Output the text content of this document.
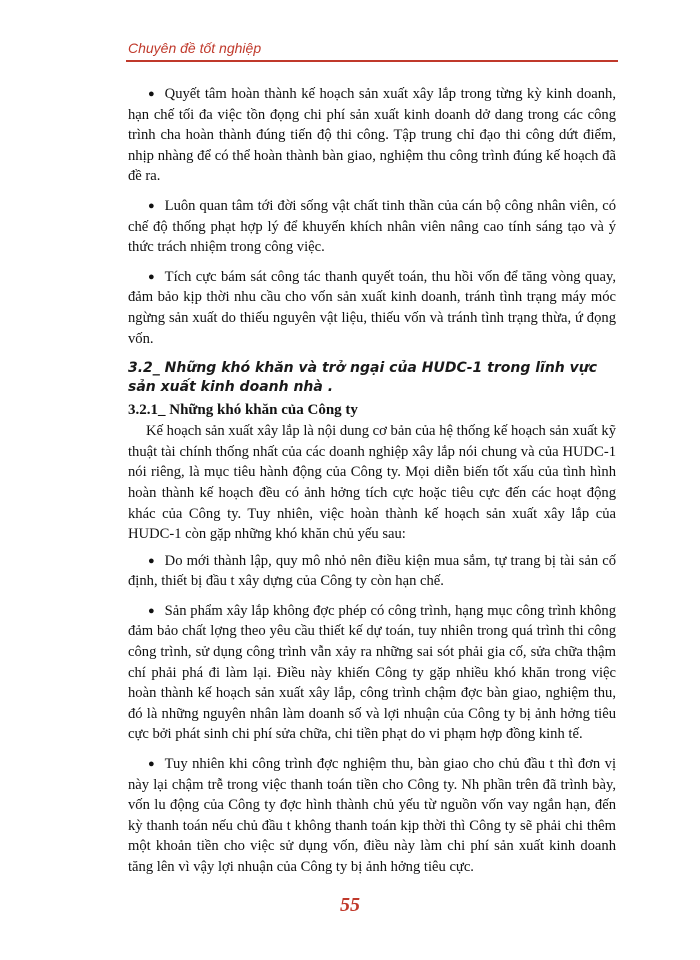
Chuyên đề tốt nghiệp

● Quyết tâm hoàn thành kế hoạch sản xuất xây lắp trong từng kỳ kinh doanh, hạn chế tối đa việc tồn đọng chi phí sản xuất kinh doanh dở dang trong các công trình cha hoàn thành đúng tiến độ thi công. Tập trung chỉ đạo thi công dứt điểm, nhịp nhàng để có thể hoàn thành bàn giao, nghiệm thu công trình đúng kế hoạch đã đề ra.

● Luôn quan tâm tới đời sống vật chất tinh thần của cán bộ công nhân viên, có chế độ thống phạt hợp lý để khuyến khích nhân viên nâng cao tính sáng tạo và ý thức trách nhiệm trong công việc.

● Tích cực bám sát công tác thanh quyết toán, thu hồi vốn để tăng vòng quay, đảm bảo kịp thời nhu cầu cho vốn sản xuất kinh doanh, tránh tình trạng máy móc ngừng sản xuất do thiếu nguyên vật liệu, thiếu vốn và tránh tình trạng thừa, ứ đọng vốn.

3.2_ Những khó khăn và trở ngại của HUDC-1 trong lĩnh vực sản xuất kinh doanh nhà .
3.2.1_ Những khó khăn của Công ty

Kế hoạch sản xuất xây lắp là nội dung cơ bản của hệ thống kế hoạch sản xuất kỹ thuật tài chính thống nhất của các doanh nghiệp xây lắp nói chung và của HUDC-1 nói riêng, là mục tiêu hành động của Công ty. Mọi diễn biến tốt xấu của tình hình hoàn thành kế hoạch đều có ảnh hởng tích cực hoặc tiêu cực đến các hoạt động khác của Công ty. Tuy nhiên, việc hoàn thành kế hoạch sản xuất xây lắp của HUDC-1 còn gặp những khó khăn chủ yếu sau:

● Do mới thành lập, quy mô nhỏ nên điều kiện mua sắm, tự trang bị tài sản cố định, thiết bị đầu t xây dựng của Công ty còn hạn chế.

● Sản phẩm xây lắp không đợc phép có công trình, hạng mục công trình không đảm bảo chất lợng theo yêu cầu thiết kế dự toán, tuy nhiên trong quá trình thi công công trình, sử dụng công trình vẫn xảy ra những sai sót phải gia cố, sửa chữa thậm chí phải phá đi làm lại. Điều này khiến Công ty gặp nhiều khó khăn trong việc hoàn thành kế hoạch sản xuất xây lắp, công trình chậm đợc bàn giao, nghiệm thu, đó là những nguyên nhân làm doanh số và lợi nhuận của Công ty bị ảnh hởng tiêu cực bởi phát sinh chi phí sửa chữa, chi tiền phạt do vi phạm hợp đồng kinh tế.

● Tuy nhiên khi công trình đợc nghiệm thu, bàn giao cho chủ đầu t thì đơn vị này lại chậm trễ trong việc thanh toán tiền cho Công ty. Nh phần trên đã trình bày, vốn lu động của Công ty đợc hình thành chủ yếu từ nguồn vốn vay ngắn hạn, đến kỳ thanh toán nếu chủ đầu t không thanh toán kịp thời thì Công ty sẽ phải chi thêm một khoản tiền cho việc sử dụng vốn, điều này làm chi phí sản xuất kinh doanh tăng lên vì vậy lợi nhuận của Công ty bị ảnh hởng tiêu cực.

55
